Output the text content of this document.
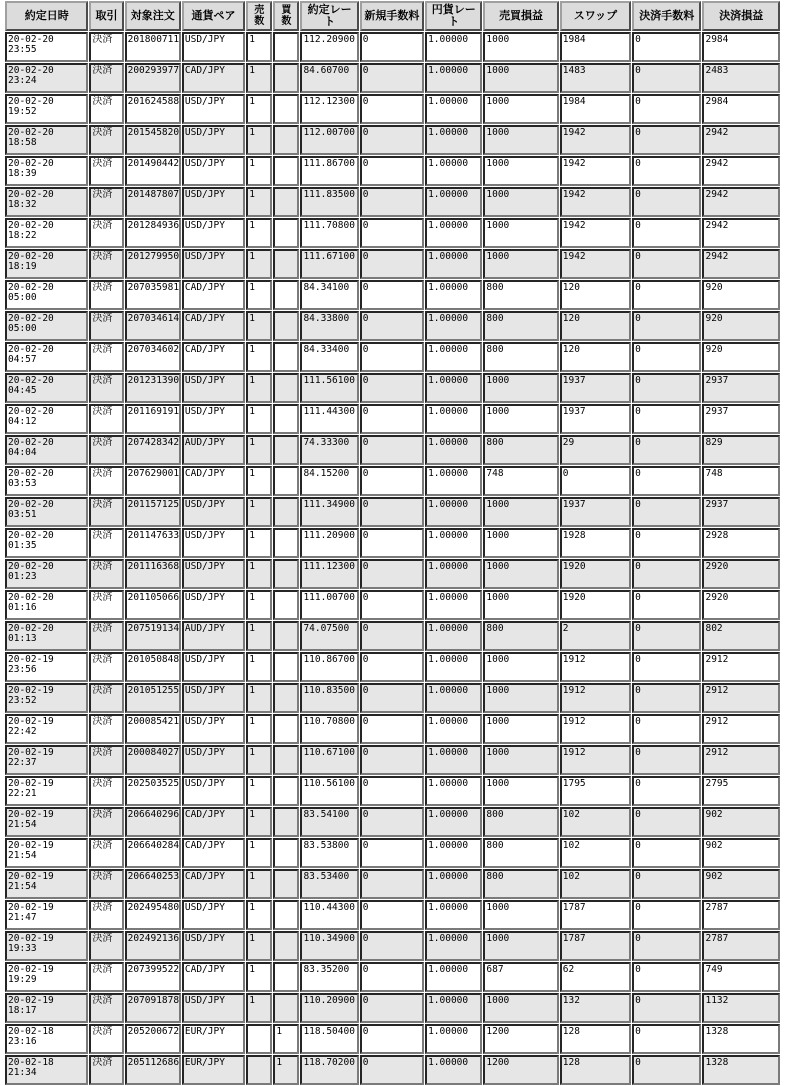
約定日時	取引	対象注文	通貨ペア	売数	買数	約定レート	新規手数料	円貨レート	売買損益	スワップ	決済手数料	決済損益

20-02-20
23:55	決済	201800711	USD/JPY	1		112.20900	0	1.00000	1000	1984	0	2984

20-02-20
23:24	決済	200293977	CAD/JPY	1		84.60700	0	1.00000	1000	1483	0	2483

20-02-20
19:52	決済	201624588	USD/JPY	1		112.12300	0	1.00000	1000	1984	0	2984

20-02-20
18:58	決済	201545820	USD/JPY	1		112.00700	0	1.00000	1000	1942	0	2942

20-02-20
18:39	決済	201490442	USD/JPY	1		111.86700	0	1.00000	1000	1942	0	2942

20-02-20
18:32	決済	201487807	USD/JPY	1		111.83500	0	1.00000	1000	1942	0	2942

20-02-20
18:22	決済	201284936	USD/JPY	1		111.70800	0	1.00000	1000	1942	0	2942

20-02-20
18:19	決済	201279950	USD/JPY	1		111.67100	0	1.00000	1000	1942	0	2942

20-02-20
05:00	決済	207035981	CAD/JPY	1		84.34100	0	1.00000	800	120	0	920

20-02-20
05:00	決済	207034614	CAD/JPY	1		84.33800	0	1.00000	800	120	0	920

20-02-20
04:57	決済	207034602	CAD/JPY	1		84.33400	0	1.00000	800	120	0	920

20-02-20
04:45	決済	201231390	USD/JPY	1		111.56100	0	1.00000	1000	1937	0	2937

20-02-20
04:12	決済	201169191	USD/JPY	1		111.44300	0	1.00000	1000	1937	0	2937

20-02-20
04:04	決済	207428342	AUD/JPY	1		74.33300	0	1.00000	800	29	0	829

20-02-20
03:53	決済	207629001	CAD/JPY	1		84.15200	0	1.00000	748	0	0	748

20-02-20
03:51	決済	201157125	USD/JPY	1		111.34900	0	1.00000	1000	1937	0	2937

20-02-20
01:35	決済	201147633	USD/JPY	1		111.20900	0	1.00000	1000	1928	0	2928

20-02-20
01:23	決済	201116368	USD/JPY	1		111.12300	0	1.00000	1000	1920	0	2920

20-02-20
01:16	決済	201105066	USD/JPY	1		111.00700	0	1.00000	1000	1920	0	2920

20-02-20
01:13	決済	207519134	AUD/JPY	1		74.07500	0	1.00000	800	2	0	802

20-02-19
23:56	決済	201050848	USD/JPY	1		110.86700	0	1.00000	1000	1912	0	2912

20-02-19
23:52	決済	201051255	USD/JPY	1		110.83500	0	1.00000	1000	1912	0	2912

20-02-19
22:42	決済	200085421	USD/JPY	1		110.70800	0	1.00000	1000	1912	0	2912

20-02-19
22:37	決済	200084027	USD/JPY	1		110.67100	0	1.00000	1000	1912	0	2912

20-02-19
22:21	決済	202503525	USD/JPY	1		110.56100	0	1.00000	1000	1795	0	2795

20-02-19
21:54	決済	206640296	CAD/JPY	1		83.54100	0	1.00000	800	102	0	902

20-02-19
21:54	決済	206640284	CAD/JPY	1		83.53800	0	1.00000	800	102	0	902

20-02-19
21:54	決済	206640253	CAD/JPY	1		83.53400	0	1.00000	800	102	0	902

20-02-19
21:47	決済	202495480	USD/JPY	1		110.44300	0	1.00000	1000	1787	0	2787

20-02-19
19:33	決済	202492136	USD/JPY	1		110.34900	0	1.00000	1000	1787	0	2787

20-02-19
19:29	決済	207399522	CAD/JPY	1		83.35200	0	1.00000	687	62	0	749

20-02-19
18:17	決済	207091878	USD/JPY	1		110.20900	0	1.00000	1000	132	0	1132

20-02-18
23:16	決済	205200672	EUR/JPY		1	118.50400	0	1.00000	1200	128	0	1328

20-02-18
21:34	決済	205112686	EUR/JPY		1	118.70200	0	1.00000	1200	128	0	1328
